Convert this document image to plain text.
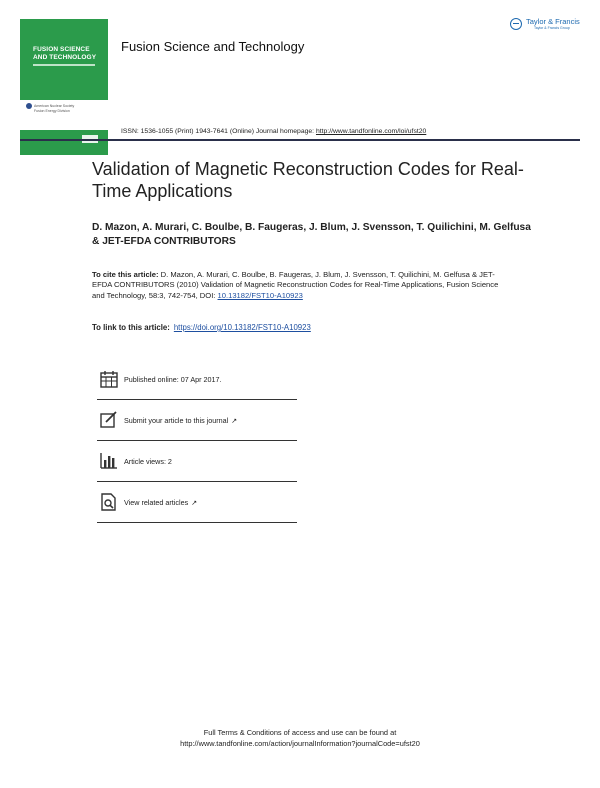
FUSION SCIENCE
AND TECHNOLOGY
American Nuclear Society
Fusion Energy Division
Fusion Science and Technology
Taylor & Francis
Taylor & Francis Group
ISSN: 1536-1055 (Print) 1943-7641 (Online) Journal homepage: http://www.tandfonline.com/loi/ufst20
Validation of Magnetic Reconstruction Codes for Real-Time Applications
D. Mazon, A. Murari, C. Boulbe, B. Faugeras, J. Blum, J. Svensson, T. Quilichini, M. Gelfusa & JET-EFDA CONTRIBUTORS
To cite this article: D. Mazon, A. Murari, C. Boulbe, B. Faugeras, J. Blum, J. Svensson, T. Quilichini, M. Gelfusa & JET-EFDA CONTRIBUTORS (2010) Validation of Magnetic Reconstruction Codes for Real-Time Applications, Fusion Science and Technology, 58:3, 742-754, DOI: 10.13182/FST10-A10923
To link to this article: https://doi.org/10.13182/FST10-A10923
Published online: 07 Apr 2017.
Submit your article to this journal ↗
Article views: 2
View related articles ↗
Full Terms & Conditions of access and use can be found at
http://www.tandfonline.com/action/journalInformation?journalCode=ufst20
